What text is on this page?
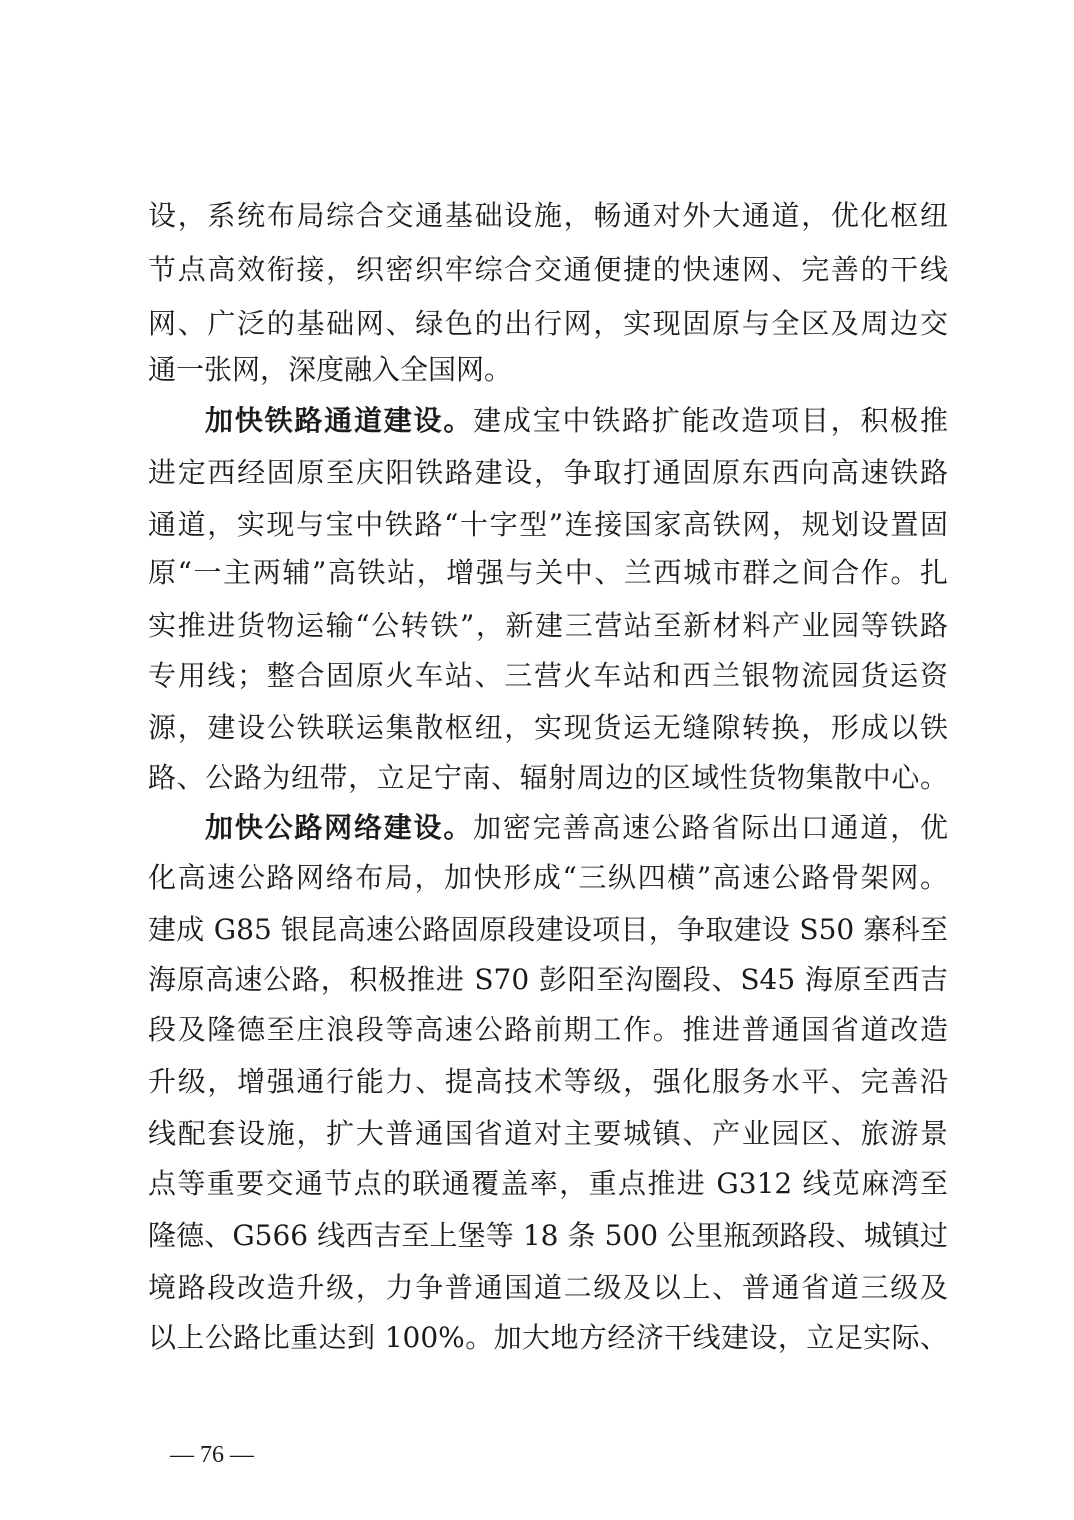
设，系统布局综合交通基础设施，畅通对外大通道，优化枢纽
节点高效衔接，织密织牢综合交通便捷的快速网、完善的干线
网、广泛的基础网、绿色的出行网，实现固原与全区及周边交
通一张网，深度融入全国网。
加快铁路通道建设。建成宝中铁路扩能改造项目，积极推
进定西经固原至庆阳铁路建设，争取打通固原东西向高速铁路
通道，实现与宝中铁路“十字型”连接国家高铁网，规划设置固
原“一主两辅”高铁站，增强与关中、兰西城市群之间合作。扎
实推进货物运输“公转铁”，新建三营站至新材料产业园等铁路
专用线；整合固原火车站、三营火车站和西兰银物流园货运资
源，建设公铁联运集散枢纽，实现货运无缝隙转换，形成以铁
路、公路为纽带，立足宁南、辐射周边的区域性货物集散中心。
加快公路网络建设。加密完善高速公路省际出口通道，优
化高速公路网络布局，加快形成“三纵四横”高速公路骨架网。
建成 G85 银昆高速公路固原段建设项目，争取建设 S50 寨科至
海原高速公路，积极推进 S70 彭阳至沟圈段、S45 海原至西吉
段及隆德至庄浪段等高速公路前期工作。推进普通国省道改造
升级，增强通行能力、提高技术等级，强化服务水平、完善沿
线配套设施，扩大普通国省道对主要城镇、产业园区、旅游景
点等重要交通节点的联通覆盖率，重点推进 G312 线苋麻湾至
隆德、G566 线西吉至上堡等 18 条 500 公里瓶颈路段、城镇过
境路段改造升级，力争普通国道二级及以上、普通省道三级及
以上公路比重达到 100%。加大地方经济干线建设，立足实际、
— 76 —
